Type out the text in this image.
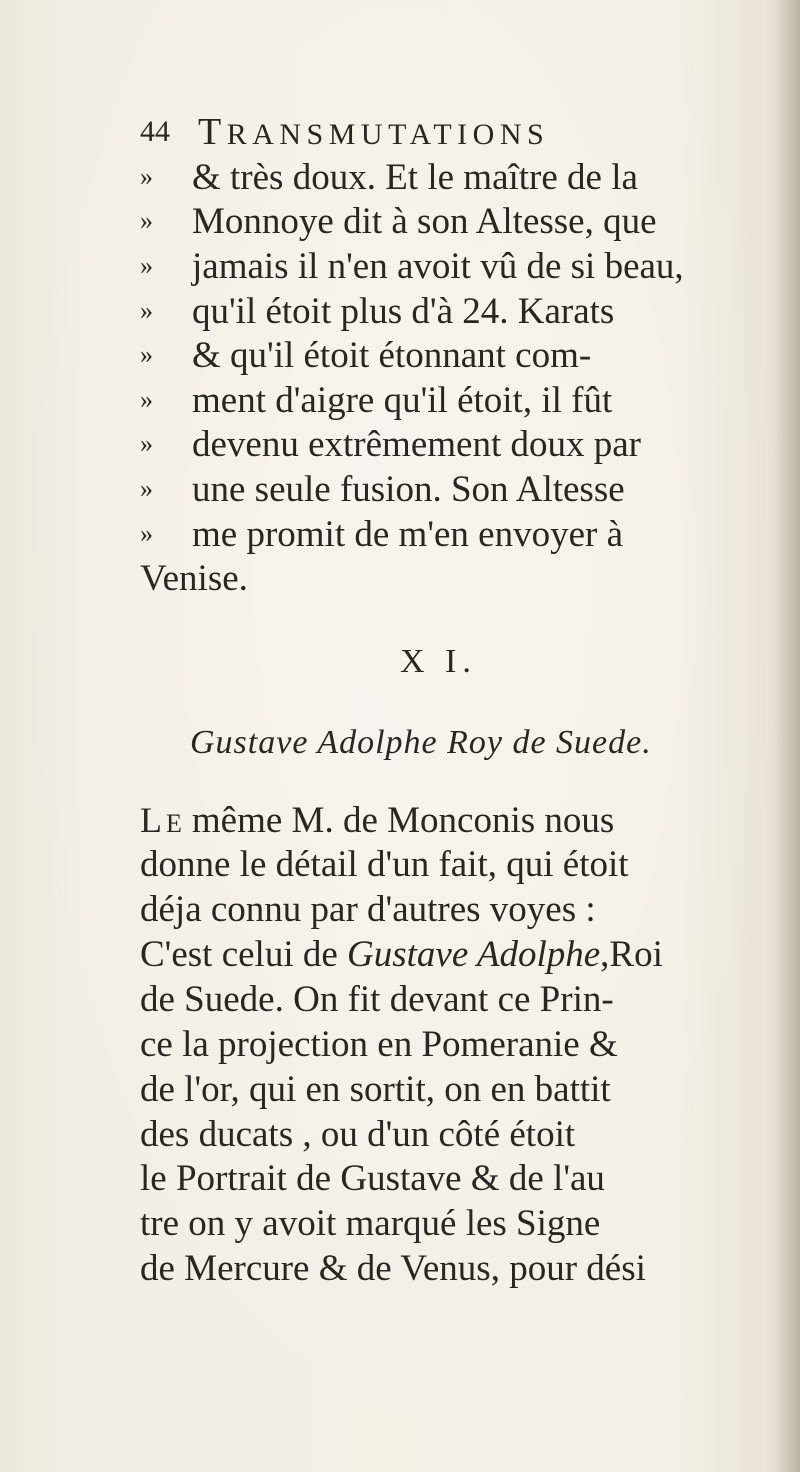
44 TRANSMUTATIONS
» & très doux. Et le maître de la
» Monnoye dit à son Altesse, que
» jamais il n'en avoit vû de si beau,
» qu'il étoit plus d'à 24. Karats
» & qu'il étoit étonnant com-
» ment d'aigre qu'il étoit, il fût
» devenu extrêmement doux par
» une seule fusion. Son Altesse
» me promit de m'en envoyer à
Venise.
X I.
Gustave Adolphe Roy de Suede.
LE même M. de Monconis nous
donne le détail d'un fait, qui étoit
déja connu par d'autres voyes :
C'est celui de Gustave Adolphe,Roi
de Suede. On fit devant ce Prin-
ce la projection en Pomeranie &
de l'or, qui en sortit, on en battit
des ducats , ou d'un côté étoit
le Portrait de Gustave & de l'au
tre on y avoit marqué les Signe
de Mercure & de Venus, pour dési
